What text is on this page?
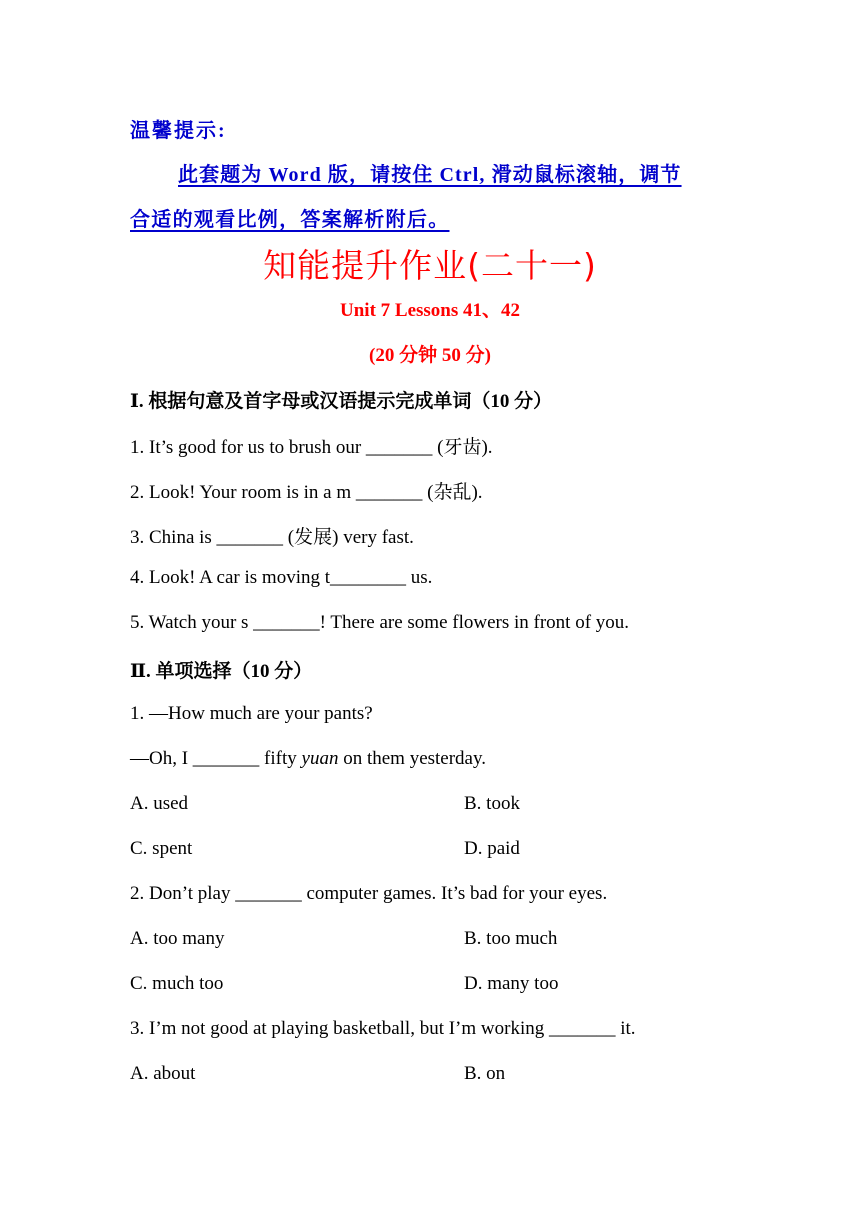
温馨提示:
此套题为 Word 版，请按住 Ctrl, 滑动鼠标滚轴，调节
合适的观看比例，答案解析附后。
知能提升作业(二十一)
Unit 7 Lessons 41、42
(20 分钟 50 分)
Ⅰ. 根据句意及首字母或汉语提示完成单词（10 分）
1. It’s good for us to brush our _______ (牙齿).
2. Look! Your room is in a m _______ (杂乱).
3. China is _______ (发展) very fast.
4. Look! A car is moving t________ us.
5. Watch your s _______! There are some flowers in front of you.
Ⅱ. 单项选择（10 分）
1. —How much are your pants?
—Oh, I _______ fifty yuan on them yesterday.
A. used	B. took
C. spent	D. paid
2. Don’t play _______ computer games. It’s bad for your eyes.
A. too many	B. too much
C. much too	D. many too
3. I’m not good at playing basketball, but I’m working _______ it.
A. about	B. on
